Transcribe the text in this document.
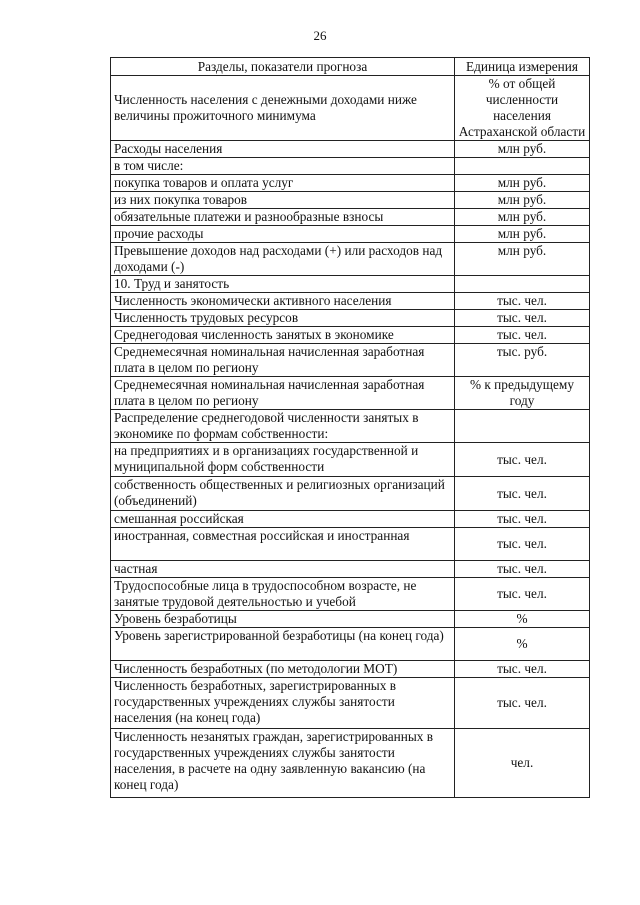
26
Разделы, показатели прогноза	Единица измерения
Численность населения с денежными доходами ниже величины прожиточного минимума	% от общей численности населения Астраханской области
Расходы населения	млн руб.
в том числе:	
покупка товаров и оплата услуг	млн руб.
из них покупка товаров	млн руб.
обязательные платежи и разнообразные взносы	млн руб.
прочие расходы	млн руб.
Превышение доходов над расходами (+) или расходов над доходами (-)	млн руб.
10. Труд и занятость	
Численность экономически активного населения	тыс. чел.
Численность трудовых ресурсов	тыс. чел.
Среднегодовая численность занятых в экономике	тыс. чел.
Среднемесячная номинальная начисленная заработная плата в целом по региону	тыс. руб.
Среднемесячная номинальная начисленная заработная плата в целом по региону	% к предыдущему году
Распределение среднегодовой численности занятых в экономике по формам собственности:	
на предприятиях и в организациях государственной и муниципальной форм собственности	тыс. чел.
собственность общественных и религиозных организаций (объединений)	тыс. чел.
смешанная российская	тыс. чел.
иностранная, совместная российская и иностранная	тыс. чел.
частная	тыс. чел.
Трудоспособные лица в трудоспособном возрасте, не занятые трудовой деятельностью и учебой	тыс. чел.
Уровень безработицы	%
Уровень зарегистрированной безработицы (на конец года)	%
Численность безработных (по методологии МОТ)	тыс. чел.
Численность безработных, зарегистрированных в государственных учреждениях службы занятости населения (на конец года)	тыс. чел.
Численность незанятых граждан, зарегистрированных в государственных учреждениях службы занятости населения, в расчете на одну заявленную вакансию (на конец года)	чел.
